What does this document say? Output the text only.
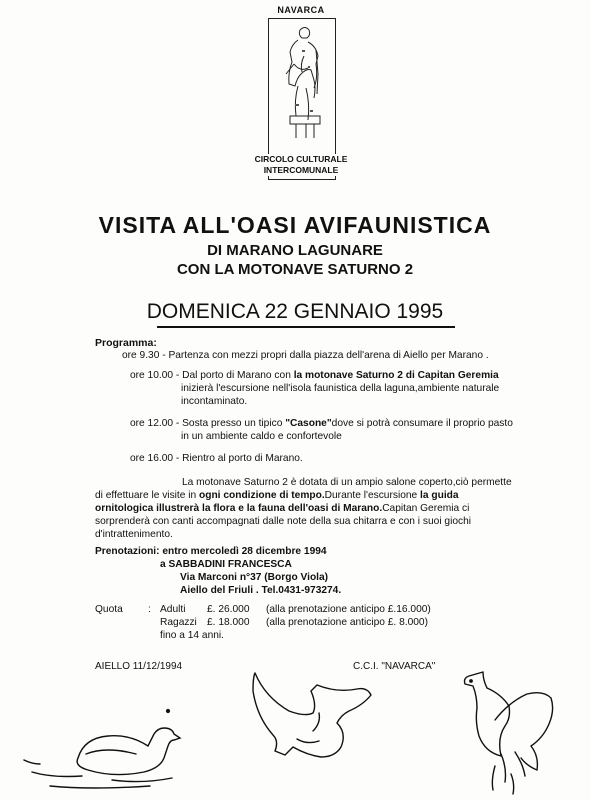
NAVARCA
CIRCOLO CULTURALE
INTERCOMUNALE
VISITA ALL'OASI AVIFAUNISTICA
DI MARANO LAGUNARE
CON LA MOTONAVE SATURNO 2
DOMENICA 22 GENNAIO 1995
Programma:
ore 9.30 - Partenza con mezzi propri dalla piazza dell'arena di Aiello per Marano .
ore 10.00 - Dal porto di Marano con la motonave Saturno 2 di Capitan Geremia
inizierà l'escursione nell'isola faunistica della laguna,ambiente naturale
incontaminato.
ore 12.00 - Sosta presso un tipico "Casone"dove si potrà consumare il proprio pasto
in un ambiente caldo e confortevole
ore 16.00 - Rientro al porto di Marano.
La motonave Saturno 2 è dotata di un ampio salone coperto,ciò permette
di effettuare le visite in ogni condizione di tempo.Durante l'escursione la guida
ornitologica illustrerà la flora e la fauna dell'oasi di Marano.Capitan Geremia ci
sorprenderà con canti accompagnati dalle note della sua chitarra e con i suoi giochi
d'intrattenimento.
Prenotazioni: entro mercoledì 28 dicembre 1994
a SABBADINI FRANCESCA
Via Marconi n°37 (Borgo Viola)
Aiello del Friuli . Tel.0431-973274.
Quota : Adulti £. 26.000 (alla prenotazione anticipo £.16.000)
Ragazzi £. 18.000 (alla prenotazione anticipo £. 8.000)
fino a 14 anni.
AIELLO 11/12/1994	C.C.I. "NAVARCA"
